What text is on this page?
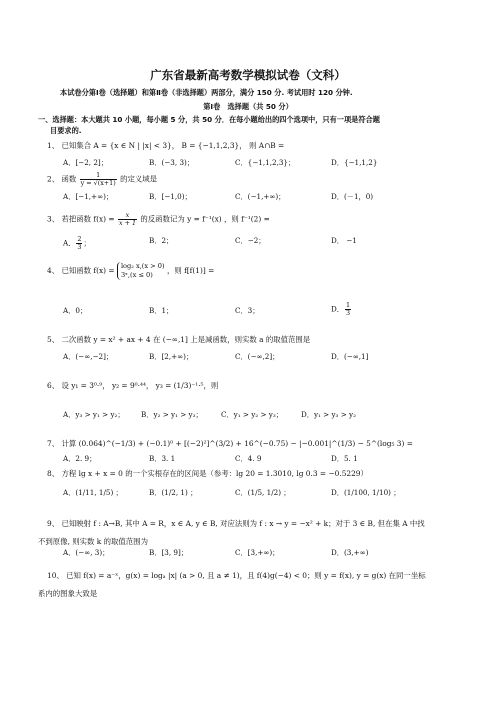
广东省最新高考数学模拟试卷（文科）
本试卷分第Ⅰ卷（选择题）和第Ⅱ卷（非选择题）两部分，满分 150 分. 考试用时 120 分钟.
第Ⅰ卷　选择题（共 50 分）
一、选择题：本大题共 10 小题，每小题 5 分，共 50 分．在每小题给出的四个选项中，只有一项是符合题
目要求的.
1、 已知集合 A = {x ∈ N | |x| < 3}， B = {−1,1,2,3}， 则 A∩B =
A．[−2, 2]；	B．(−3, 3)；	C．{−1,1,2,3}；	D．{−1,1,2}
2、 函数 $\frac{1}{y = √(x+1)}$ 的定义域是
A．[−1,+∞)；	B．[−1,0)；	C．(−1,+∞)；	D．(－1，0)
3、 若把函数 $f(x) = \frac{x}{x + 1}$ 的反函数记为 y = f⁻¹(x) ，则 f⁻¹(2) =
A． $\frac{2}{3}$ ；	B．2；	C．−2；	D． −1
4、 已知函数 f(x) = log₂ x,(x > 0)
3ˣ,(x ≤ 0)	，则 f[f(1)] =
A．0；	B．1；	C．3；	D． $\frac{1}{3}$
5、 二次函数 y = x² + ax + 4 在 (−∞,1] 上是减函数，则实数 a 的取值范围是
A．(−∞,−2]；	B．[2,+∞)；	C．(−∞,2]；	D．(−∞,1]
6、 设 y₁ = 3⁰·⁹， y₂ = 9⁰·⁴⁴， y₃ = (1/3)⁻¹·⁵，则
A．y₃ > y₁ > y₂； B．y₂ > y₁ > y₃；	C．y₁ > y₂ > y₃；	D．y₁ > y₃ > y₂
7、 计算 (0.064)^(−1/3) + (−0.1)⁰ + [(−2)²]^(3/2) + 16^(−0.75) − |−0.001|^(1/3) − 5^(log₅ 3) =
A．2. 9；	B．3. 1	C．4. 9	D．5. 1
8、 方程 lg x + x = 0 的一个实根存在的区间是（参考：lg 20 = 1.3010, lg 0.3 = −0.5229）
A．(1/11, 1/5) ；	B．(1/2, 1) ；	C．(1/5, 1/2) ；	D．(1/100, 1/10) ；
9、 已知映射 f : A→B, 其中 A = R，x ∈ A, y ∈ B, 对应法则为 f : x → y = −x² + k；对于 3 ∈ B, 但在集 A 中找
不到原像, 则实数 k 的取值范围为
A．(−∞, 3)；	B．[3, 9]；	C．[3,+∞)；	D．(3,+∞)
10、 已知 f(x) = a⁻ˣ，g(x) = logₐ |x| (a > 0, 且 a ≠ 1)，且 f(4)g(−4) < 0；则 y = f(x), y = g(x) 在同一坐标
系内的图象大致是
